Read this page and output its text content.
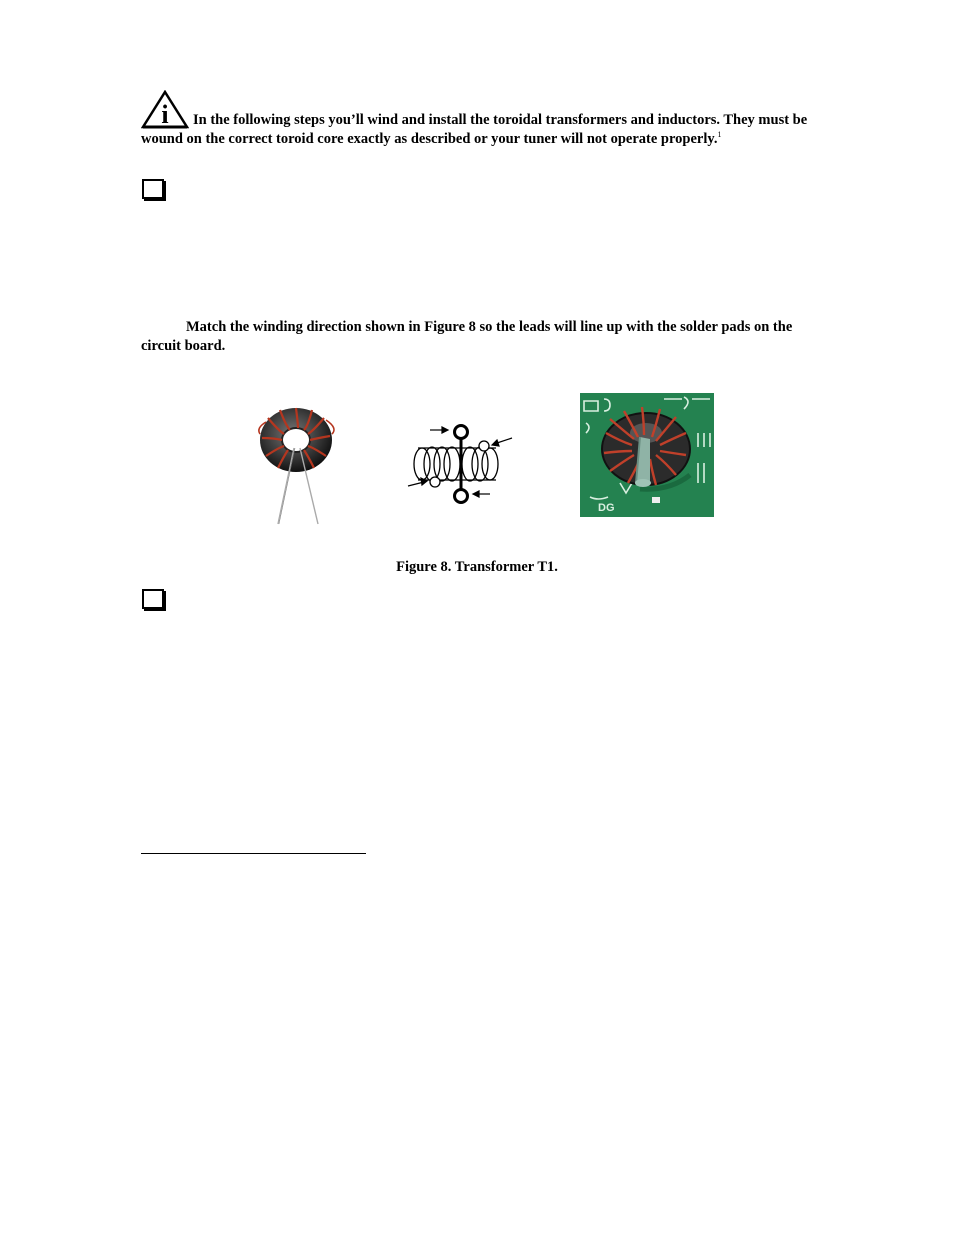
i	In the following steps you’ll wind and install the toroidal transformers and inductors. They must be wound on the correct toroid core exactly as described or your tuner will not operate properly.$^1$
Match the winding direction shown in Figure 8 so the leads will line up with the solder pads on the circuit board.
DG
Figure 8. Transformer T1.
